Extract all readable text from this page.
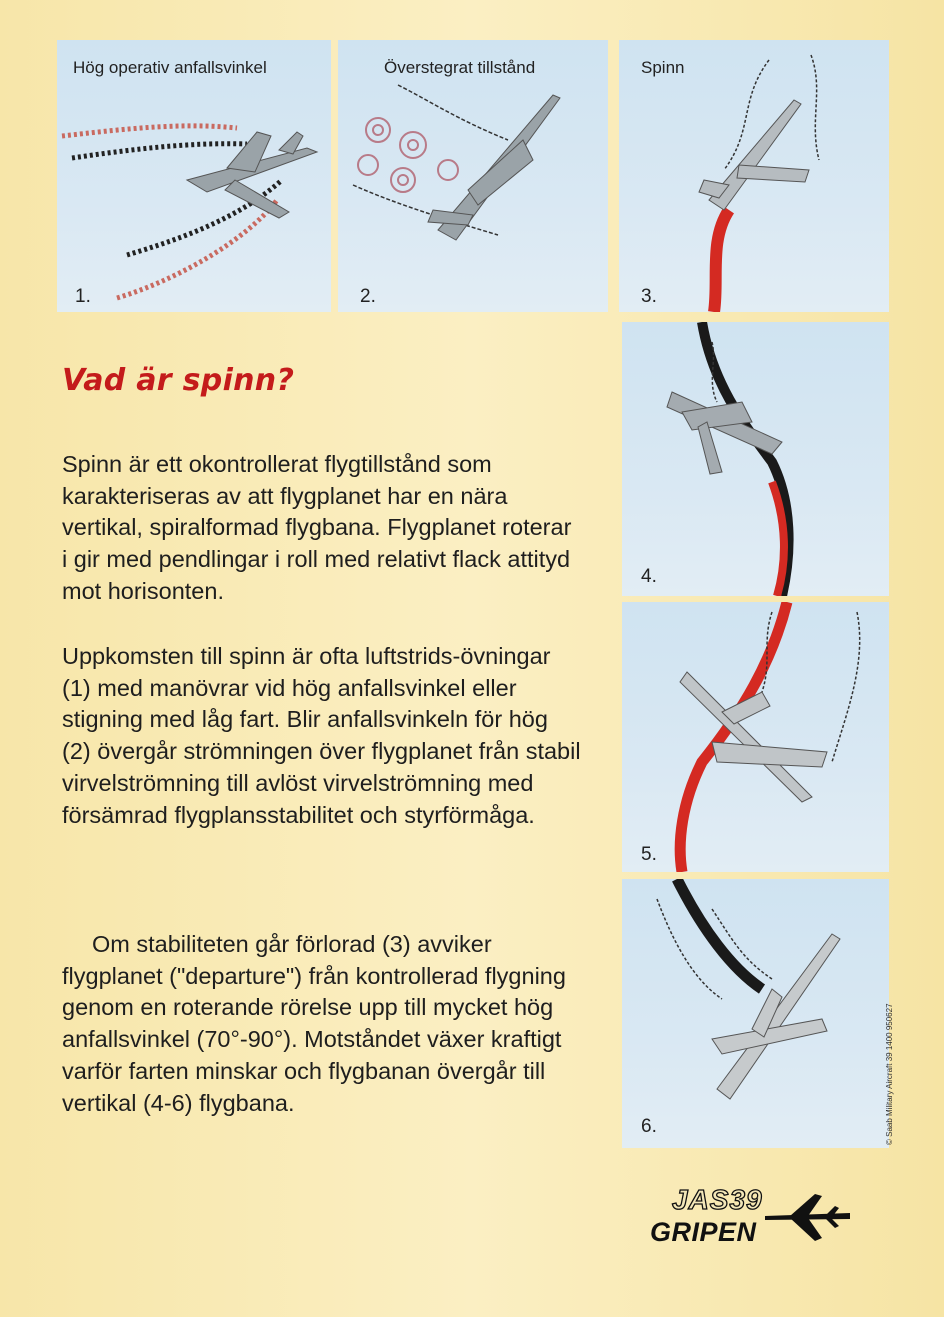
Hög operativ anfallsvinkel
1.
Överstegrat tillstånd
2.
Spinn
3.
4.
5.
6.
Vad är spinn?

Spinn är ett okontrollerat flygtillstånd som karakteriseras av att flygplanet har en nära vertikal, spiralformad flygbana. Flygplanet roterar i gir med pendlingar i roll med relativt flack attityd mot horisonten.

Uppkomsten till spinn är ofta luftstrids-övningar (1) med manövrar vid hög anfallsvinkel eller stigning med låg fart. Blir anfallsvinkeln för hög (2) övergår strömningen över flygplanet från stabil virvelströmning till avlöst virvelströmning med försämrad flygplansstabilitet och styrförmåga.

Om stabiliteten går förlorad (3) avviker flygplanet ("departure") från kontrollerad flygning genom en roterande rörelse upp till mycket hög anfallsvinkel (70°-90°). Motståndet växer kraftigt varför farten minskar och flygbanan övergår till vertikal (4-6) flygbana.	© Saab Military Aircraft 39 1400 950627
JAS39
GRIPEN
